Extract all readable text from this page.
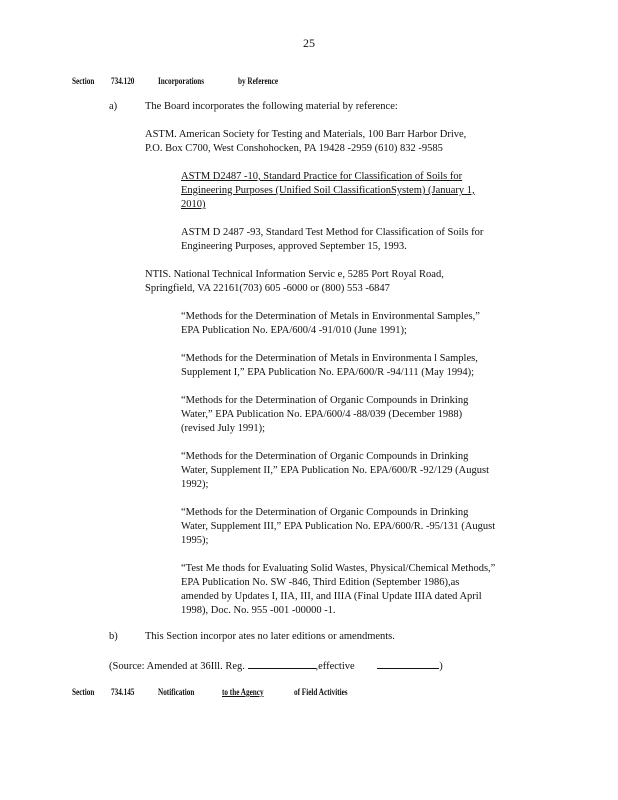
25
Section 734.120	Incorporations	by Reference
a)	The Board incorporates the following material by reference:
ASTM. American Society for Testing and Materials, 100 Barr Harbor Drive,
P.O. Box C700, West Conshohocken, PA 19428 -2959 (610) 832 -9585
ASTM D2487 -10, Standard Practice for Classification of Soils for
Engineering Purposes (Unified Soil ClassificationSystem) (January 1,
2010)
ASTM D 2487 -93, Standard Test Method for Classification of Soils for
Engineering Purposes, approved September 15, 1993.
NTIS. National Technical Information Servic e, 5285 Port Royal Road,
Springfield, VA 22161(703) 605 -6000 or (800) 553 -6847
“Methods for the Determination of Metals in Environmental Samples,”
EPA Publication No. EPA/600/4 -91/010 (June 1991);
“Methods for the Determination of Metals in Environmenta l Samples,
Supplement I,” EPA Publication No. EPA/600/R -94/111 (May 1994);
“Methods for the Determination of Organic Compounds in Drinking
Water,” EPA Publication No. EPA/600/4 -88/039 (December 1988)
(revised July 1991);
“Methods for the Determination of Organic Compounds in Drinking
Water, Supplement II,” EPA Publication No. EPA/600/R -92/129 (August
1992);
“Methods for the Determination of Organic Compounds in Drinking
Water, Supplement III,” EPA Publication No. EPA/600/R. -95/131 (August
1995);
“Test Me thods for Evaluating Solid Wastes, Physical/Chemical Methods,”
EPA Publication No. SW -846, Third Edition (September 1986),as
amended by Updates I, IIA, III, and IIIA (Final Update IIIA dated April
1998), Doc. No. 955 -001 -00000 -1.
b)	This Section incorpor ates no later editions or amendments.
(Source: Amended at 36Ill. Reg.	,effective	)
Section 734.145	Notification	to the Agency	of Field Activities
